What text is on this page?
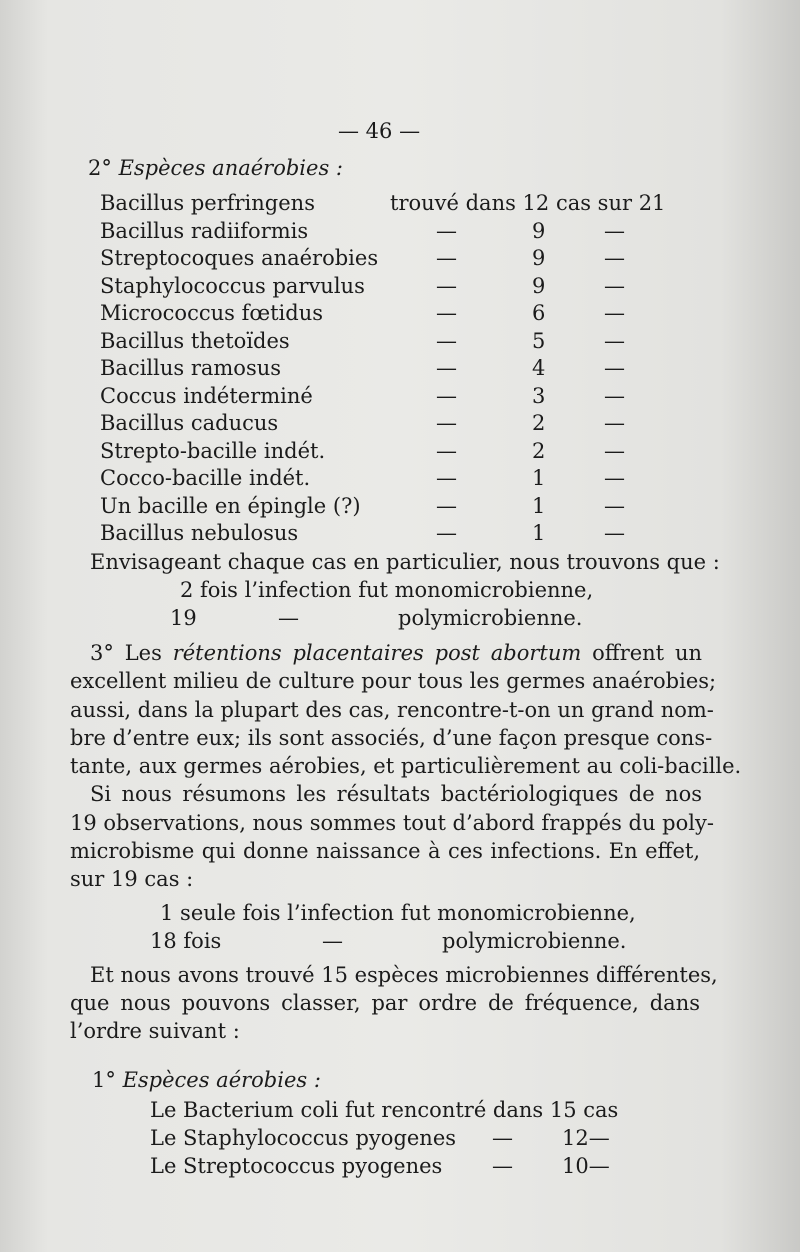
— 46 —
2° Espèces anaérobies :
Bacillus perfringens	trouvé dans 12 cas sur 21
Bacillus radiiformis	—	9	—
Streptocoques anaérobies	—	9	—
Staphylococcus parvulus	—	9	—
Micrococcus fœtidus	—	6	—
Bacillus thetoïdes	—	5	—
Bacillus ramosus	—	4	—
Coccus indéterminé	—	3	—
Bacillus caducus	—	2	—
Strepto-bacille indét.	—	2	—
Cocco-bacille indét.	—	1	—
Un bacille en épingle (?)	—	1	—
Bacillus nebulosus	—	1	—
Envisageant chaque cas en particulier, nous trouvons que :
2 fois l’infection fut monomicrobienne,
19	—	polymicrobienne.
3° Les rétentions placentaires post abortum offrent un
excellent milieu de culture pour tous les germes anaérobies;
aussi, dans la plupart des cas, rencontre-t-on un grand nom-
bre d’entre eux; ils sont associés, d’une façon presque cons-
tante, aux germes aérobies, et particulièrement au coli-bacille.
Si nous résumons les résultats bactériologiques de nos
19 observations, nous sommes tout d’abord frappés du poly-
microbisme qui donne naissance à ces infections. En effet,
sur 19 cas :
1 seule fois l’infection fut monomicrobienne,
18 fois	—	polymicrobienne.
Et nous avons trouvé 15 espèces microbiennes différentes,
que nous pouvons classer, par ordre de fréquence, dans
l’ordre suivant :
1° Espèces aérobies :
Le Bacterium coli fut rencontré dans 15 cas
Le Staphylococcus pyogenes — 12—
Le Streptococcus pyogenes — 10—
